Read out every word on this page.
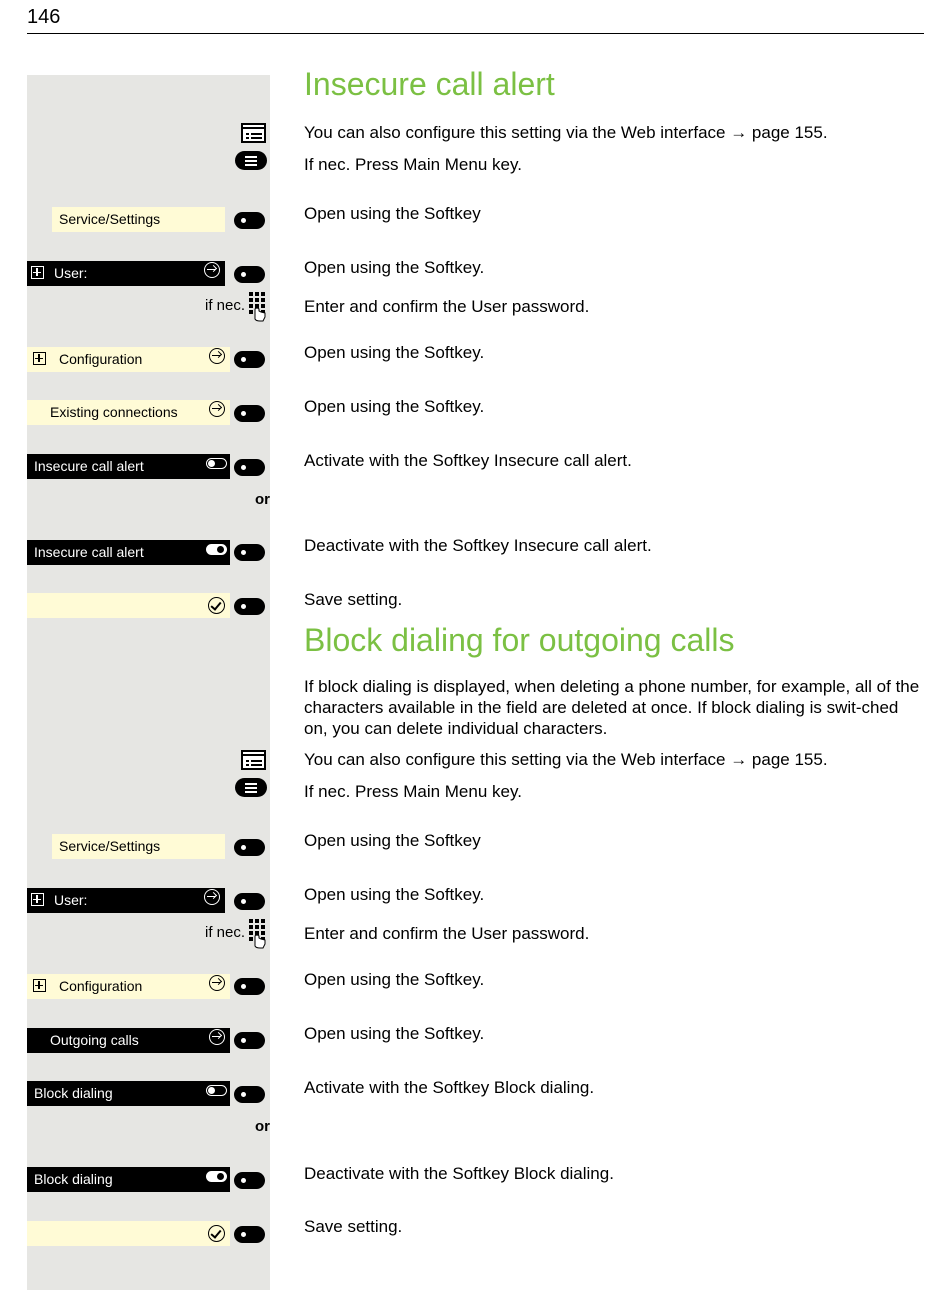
146
Insecure call alert
You can also configure this setting via the Web interface → page 155.
If nec. Press Main Menu key.
Service/Settings	Open using the Softkey
User:	Open using the Softkey.
if nec.	Enter and confirm the User password.
Configuration	Open using the Softkey.
Existing connections	Open using the Softkey.
Insecure call alert	Activate with the Softkey Insecure call alert.
or
Insecure call alert	Deactivate with the Softkey Insecure call alert.
Save setting.
Block dialing for outgoing calls
If block dialing is displayed, when deleting a phone number, for example, all of the characters available in the field are deleted at once. If block dialing is swit-ched on, you can delete individual characters.
You can also configure this setting via the Web interface → page 155.
If nec. Press Main Menu key.
Service/Settings	Open using the Softkey
User:	Open using the Softkey.
if nec.	Enter and confirm the User password.
Configuration	Open using the Softkey.
Outgoing calls	Open using the Softkey.
Block dialing	Activate with the Softkey Block dialing.
or
Block dialing	Deactivate with the Softkey Block dialing.
Save setting.
